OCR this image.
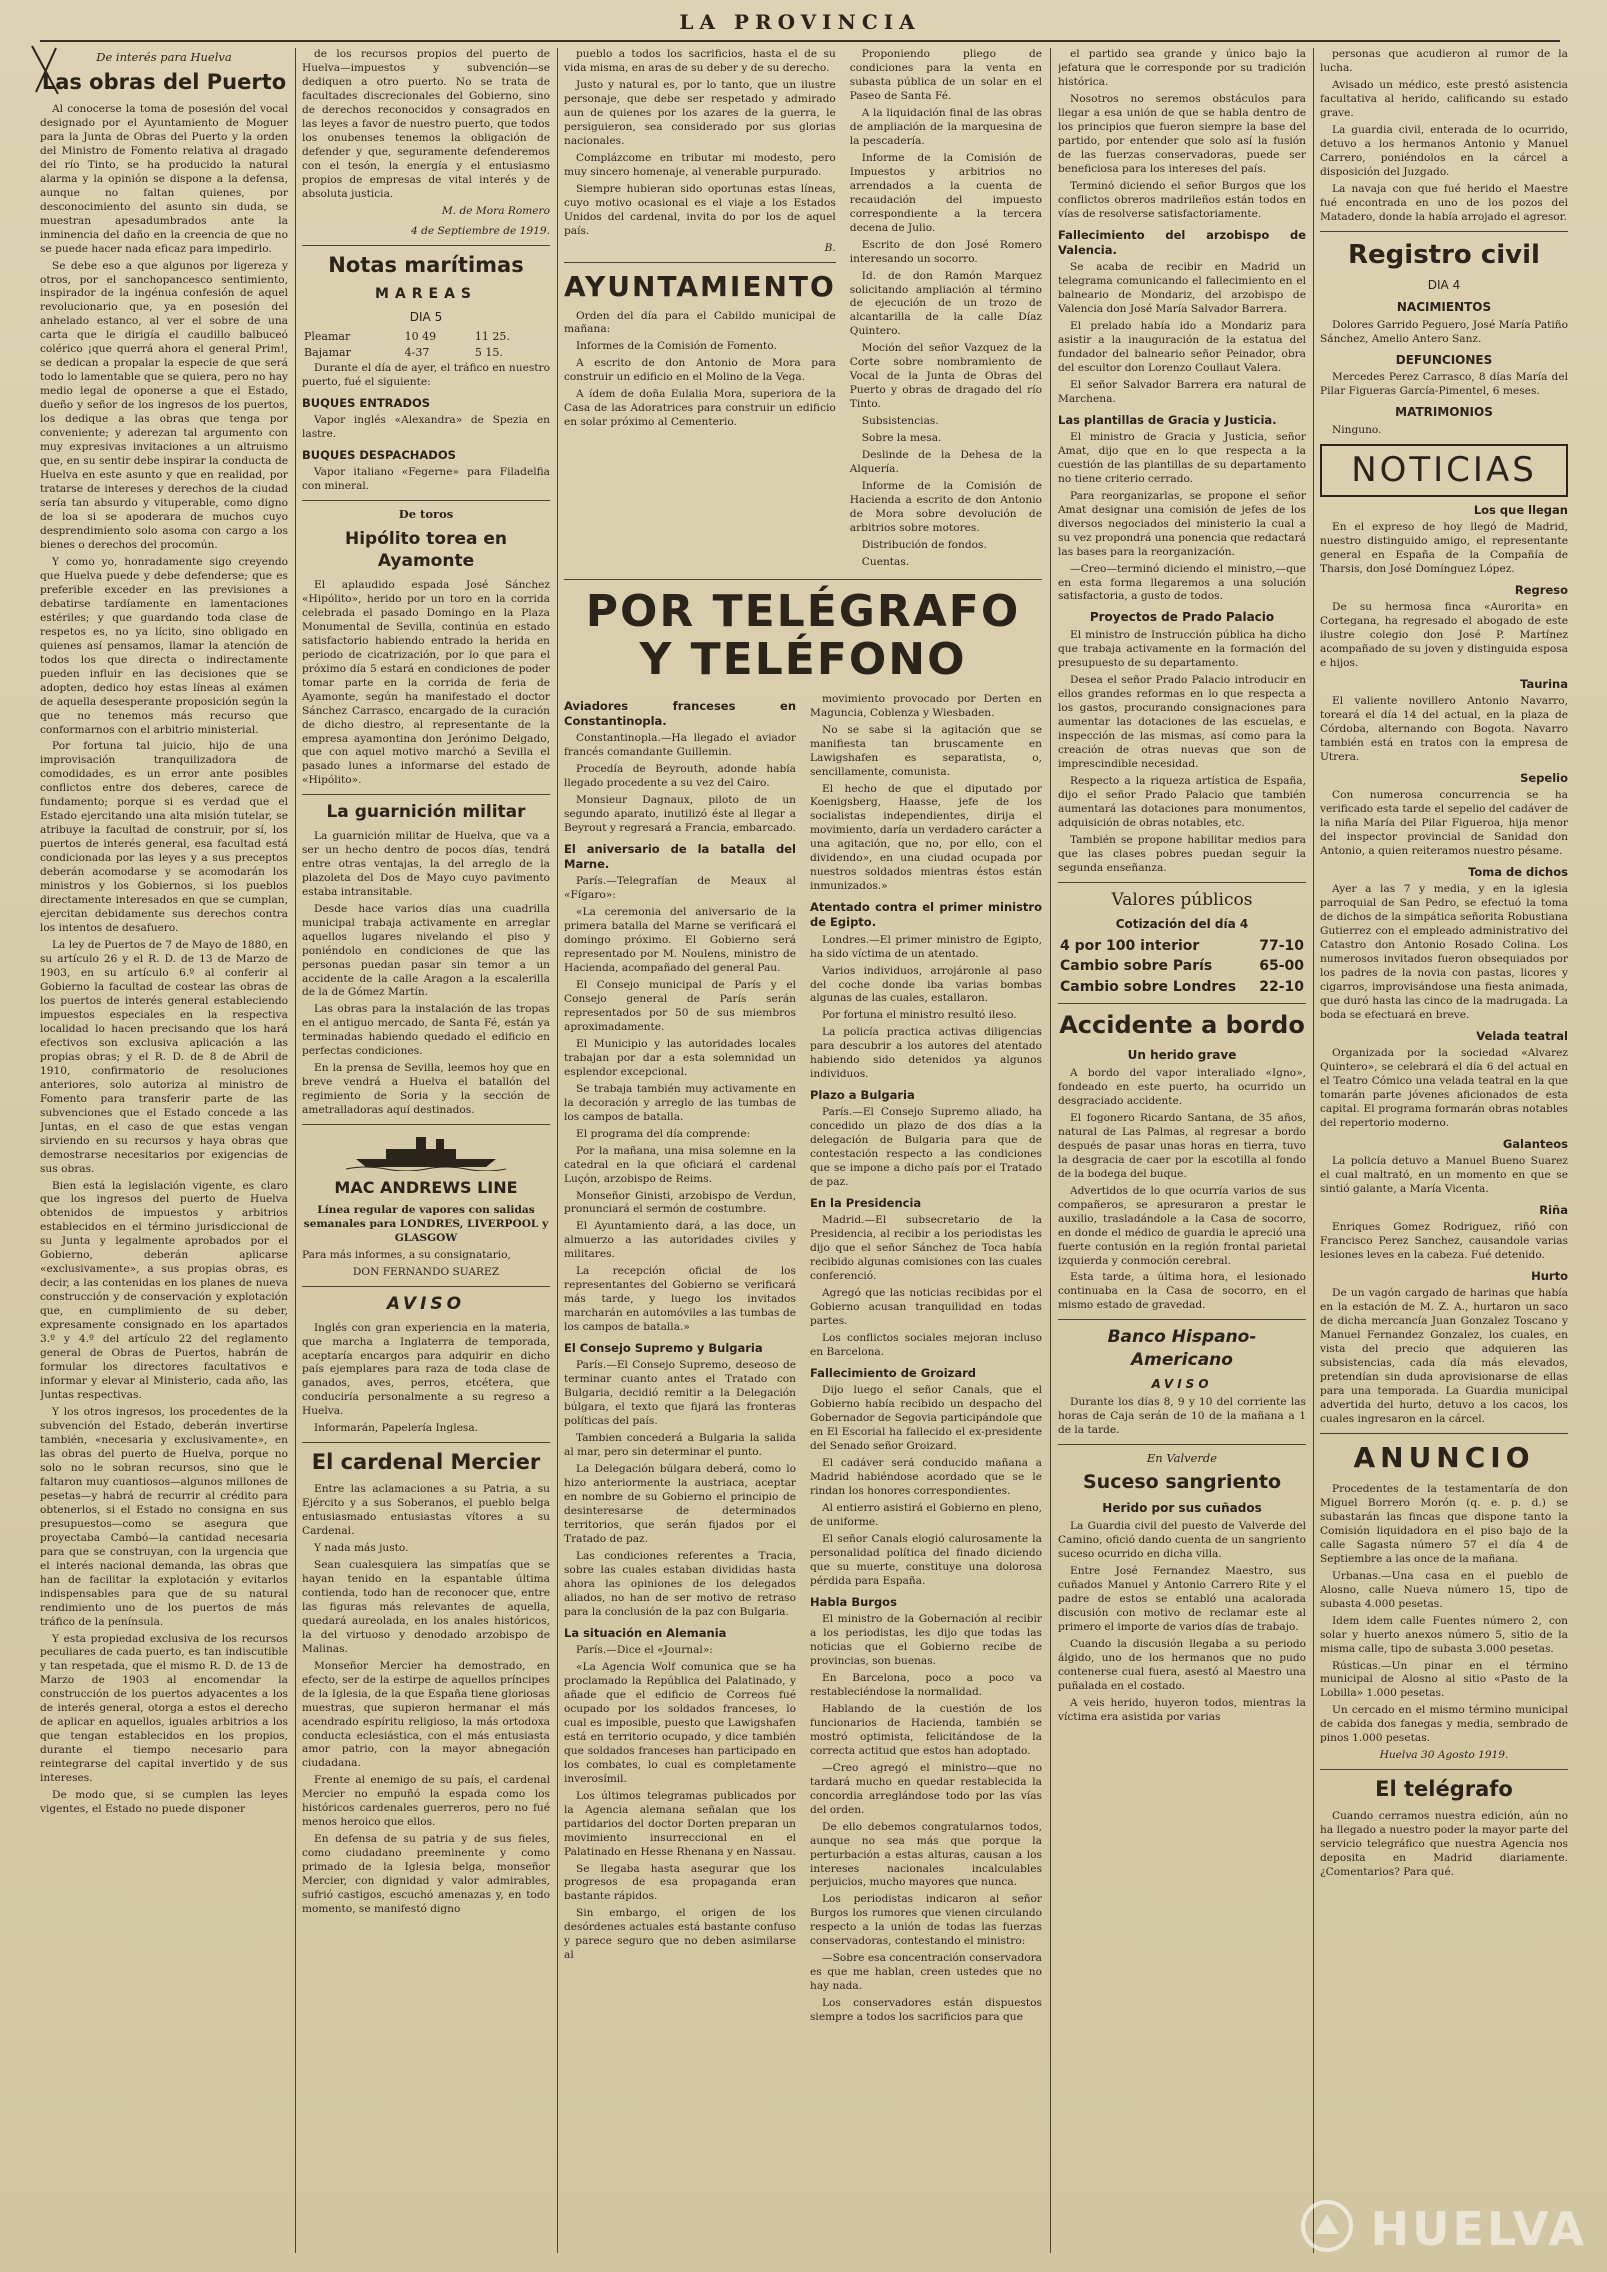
LA PROVINCIA
De interés para Huelva
Las obras del Puerto

Al conocerse la toma de posesión del vocal designado por el Ayuntamiento de Moguer para la Junta de Obras del Puerto y la orden del Ministro de Fomento relativa al dragado del río Tinto, se ha producido la natural alarma y la opinión se dispone a la defensa, aunque no faltan quienes, por desconocimiento del asunto sin duda, se muestran apesadumbrados ante la inminencia del daño en la creencia de que no se puede hacer nada eficaz para impedirlo.

Se debe eso a que algunos por ligereza y otros, por el sanchopancesco sentimiento, inspirador de la ingénua confesión de aquel revolucionario que, ya en posesión del anhelado estanco, al ver el sobre de una carta que le dirigía el caudillo balbuceó colérico ¡que querrá ahora el general Prim!, se dedican a propalar la especie de que será todo lo lamentable que se quiera, pero no hay medio legal de oponerse a que el Estado, dueño y señor de los ingresos de los puertos, los dedique a las obras que tenga por conveniente; y aderezan tal argumento con muy expresivas invitaciones a un altruismo que, en su sentir debe inspirar la conducta de Huelva en este asunto y que en realidad, por tratarse de intereses y derechos de la ciudad sería tan absurdo y vituperable, como digno de loa si se apoderara de muchos cuyo desprendimiento solo asoma con cargo a los bienes o derechos del procomún.

Y como yo, honradamente sigo creyendo que Huelva puede y debe defenderse; que es preferible exceder en las previsiones a debatirse tardíamente en lamentaciones estériles; y que guardando toda clase de respetos es, no ya lícito, sino obligado en quienes así pensamos, llamar la atención de todos los que directa o indirectamente pueden influir en las decisiones que se adopten, dedico hoy estas líneas al exámen de aquella desesperante proposición según la que no tenemos más recurso que conformarnos con el arbitrio ministerial.

Por fortuna tal juicio, hijo de una improvisación tranquilizadora de comodidades, es un error ante posibles conflictos entre dos deberes, carece de fundamento; porque si es verdad que el Estado ejercitando una alta misión tutelar, se atribuye la facultad de construir, por sí, los puertos de interés general, esa facultad está condicionada por las leyes y a sus preceptos deberán acomodarse y se acomodarán los ministros y los Gobiernos, si los pueblos directamente interesados en que se cumplan, ejercitan debidamente sus derechos contra los intentos de desafuero.

La ley de Puertos de 7 de Mayo de 1880, en su artículo 26 y el R. D. de 13 de Marzo de 1903, en su artículo 6.º al conferir al Gobierno la facultad de costear las obras de los puertos de interés general estableciendo impuestos especiales en la respectiva localidad lo hacen precisando que los hará efectivos son exclusiva aplicación a las propias obras; y el R. D. de 8 de Abril de 1910, confirmatorio de resoluciones anteriores, solo autoriza al ministro de Fomento para transferir parte de las subvenciones que el Estado concede a las Juntas, en el caso de que estas vengan sirviendo en su recursos y haya obras que demostrarse necesitarios por exigencias de sus obras.

Bien está la legislación vigente, es claro que los ingresos del puerto de Huelva obtenidos de impuestos y arbitrios establecidos en el término jurisdiccional de su Junta y legalmente aprobados por el Gobierno, deberán aplicarse «exclusivamente», a sus propias obras, es decir, a las contenidas en los planes de nueva construcción y de conservación y explotación que, en cumplimiento de su deber, expresamente consignado en los apartados 3.º y 4.º del artículo 22 del reglamento general de Obras de Puertos, habrán de formular los directores facultativos e informar y elevar al Ministerio, cada año, las Juntas respectivas.

Y los otros ingresos, los procedentes de la subvención del Estado, deberán invertirse también, «necesaria y exclusivamente», en las obras del puerto de Huelva, porque no solo no le sobran recursos, sino que le faltaron muy cuantiosos—algunos millones de pesetas—y habrá de recurrir al crédito para obtenerlos, si el Estado no consigna en sus presupuestos—como se asegura que proyectaba Cambó—la cantidad necesaria para que se construyan, con la urgencia que el interés nacional demanda, las obras que han de facilitar la explotación y evitarlos indispensables para que de su natural rendimiento uno de los puertos de más tráfico de la península.

Y esta propiedad exclusiva de los recursos peculiares de cada puerto, es tan indiscutible y tan respetada, que el mismo R. D. de 13 de Marzo de 1903 al encomendar la construcción de los puertos adyacentes a los de interés general, otorga a estos el derecho de aplicar en aquellos, iguales arbitrios a los que tengan establecidos en los propios, durante el tiempo necesario para reintegrarse del capital invertido y de sus intereses.

De modo que, si se cumplen las leyes vigentes, el Estado no puede disponer

de los recursos propios del puerto de Huelva—impuestos y subvención—se dediquen a otro puerto. No se trata de facultades discrecionales del Gobierno, sino de derechos reconocidos y consagrados en las leyes a favor de nuestro puerto, que todos los onubenses tenemos la obligación de defender y que, seguramente defenderemos con el tesón, la energía y el entusiasmo propios de empresas de vital interés y de absoluta justicia.

M. de Mora Romero
4 de Septiembre de 1919.
Notas marítimas
MAREAS
DIA 5
Pleamar	10 49	11 25.
Bajamar	4-37	5 15.

Durante el día de ayer, el tráfico en nuestro puerto, fué el siguiente:

BUQUES ENTRADOS

Vapor inglés «Alexandra» de Spezia en lastre.

BUQUES DESPACHADOS

Vapor italiano «Fegerne» para Filadelfia con mineral.

De toros
Hipólito torea en Ayamonte

El aplaudido espada José Sánchez «Hipólito», herido por un toro en la corrida celebrada el pasado Domingo en la Plaza Monumental de Sevilla, continúa en estado satisfactorio habiendo entrado la herida en periodo de cicatrización, por lo que para el próximo día 5 estará en condiciones de poder tomar parte en la corrida de feria de Ayamonte, según ha manifestado el doctor Sánchez Carrasco, encargado de la curación de dicho diestro, al representante de la empresa ayamontina don Jerónimo Delgado, que con aquel motivo marchó a Sevilla el pasado lunes a informarse del estado de «Hipólito».

La guarnición militar

La guarnición militar de Huelva, que va a ser un hecho dentro de pocos días, tendrá entre otras ventajas, la del arreglo de la plazoleta del Dos de Mayo cuyo pavimento estaba intransitable.

Desde hace varios días una cuadrilla municipal trabaja activamente en arreglar aquellos lugares nivelando el piso y poniéndolo en condiciones de que las personas puedan pasar sin temor a un accidente de la calle Aragon a la escalerilla de la de Gómez Martín.

Las obras para la instalación de las tropas en el antiguo mercado, de Santa Fé, están ya terminadas habiendo quedado el edificio en perfectas condiciones.

En la prensa de Sevilla, leemos hoy que en breve vendrá a Huelva el batallón del regimiento de Soria y la sección de ametralladoras aquí destinados.

MAC ANDREWS LINE

Línea regular de vapores con salidas semanales para LONDRES, LIVERPOOL y GLASGOW

Para más informes, a su consignatario,

DON FERNANDO SUAREZ

AVISO

Inglés con gran experiencia en la materia, que marcha a Inglaterra de temporada, aceptaría encargos para adquirir en dicho país ejemplares para raza de toda clase de ganados, aves, perros, etcétera, que conduciría personalmente a su regreso a Huelva.

Informarán, Papelería Inglesa.

El cardenal Mercier

Entre las aclamaciones a su Patria, a su Ejército y a sus Soberanos, el pueblo belga entusiasmado entusiastas vítores a su Cardenal.

Y nada más justo.

Sean cualesquiera las simpatías que se hayan tenido en la espantable última contienda, todo han de reconocer que, entre las figuras más relevantes de aquella, quedará aureolada, en los anales históricos, la del virtuoso y denodado arzobispo de Malinas.

Monseñor Mercier ha demostrado, en efecto, ser de la estirpe de aquellos príncipes de la Iglesia, de la que España tiene gloriosas muestras, que supieron hermanar el más acendrado espíritu religioso, la más ortodoxa conducta eclesiástica, con el más entusiasta amor patrio, con la mayor abnegación ciudadana.

Frente al enemigo de su país, el cardenal Mercier no empuñó la espada como los históricos cardenales guerreros, pero no fué menos heroico que ellos.

En defensa de su patria y de sus fieles, como ciudadano preeminente y como primado de la Iglesia belga, monseñor Mercier, con dignidad y valor admirables, sufrió castigos, escuchó amenazas y, en todo momento, se manifestó digno

pueblo a todos los sacrificios, hasta el de su vida misma, en aras de su deber y de su derecho.

Justo y natural es, por lo tanto, que un ilustre personaje, que debe ser respetado y admirado aun de quienes por los azares de la guerra, le persiguieron, sea considerado por sus glorias nacionales.

Complázcome en tributar mi modesto, pero muy sincero homenaje, al venerable purpurado.

Siempre hubieran sido oportunas estas líneas, cuyo motivo ocasional es el viaje a los Estados Unidos del cardenal, invita do por los de aquel país.

B.
AYUNTAMIENTO

Orden del día para el Cabildo municipal de mañana:

Informes de la Comisión de Fomento.

A escrito de don Antonio de Mora para construir un edificio en el Molino de la Vega.

A ídem de doña Eulalia Mora, superiora de la Casa de las Adoratrices para construir un edificio en solar próximo al Cementerio.

Proponiendo pliego de condiciones para la venta en subasta pública de un solar en el Paseo de Santa Fé.

A la liquidación final de las obras de ampliación de la marquesina de la pescadería.

Informe de la Comisión de Impuestos y arbitrios no arrendados a la cuenta de recaudación del impuesto correspondiente a la tercera decena de Julio.

Escrito de don José Romero interesando un socorro.

Id. de don Ramón Marquez solicitando ampliación al término de ejecución de un trozo de alcantarilla de la calle Díaz Quintero.

Moción del señor Vazquez de la Corte sobre nombramiento de Vocal de la Junta de Obras del Puerto y obras de dragado del río Tinto.

Subsistencias.

Sobre la mesa.

Deslinde de la Dehesa de la Alquería.

Informe de la Comisión de Hacienda a escrito de don Antonio de Mora sobre devolución de arbitrios sobre motores.

Distribución de fondos.

Cuentas.

POR TELÉGRAFO
Y TELÉFONO
Aviadores franceses en Constantinopla.

Constantinopla.—Ha llegado el aviador francés comandante Guillemin.

Procedía de Beyrouth, adonde había llegado procedente a su vez del Cairo.

Monsieur Dagnaux, piloto de un segundo aparato, inutilizó éste al llegar a Beyrout y regresará a Francia, embarcado.

El aniversario de la batalla del Marne.

París.—Telegrafían de Meaux al «Fígaro»:

«La ceremonia del aniversario de la primera batalla del Marne se verificará el domingo próximo. El Gobierno será representado por M. Noulens, ministro de Hacienda, acompañado del general Pau.

El Consejo municipal de París y el Consejo general de París serán representados por 50 de sus miembros aproximadamente.

El Municipio y las autoridades locales trabajan por dar a esta solemnidad un esplendor excepcional.

Se trabaja también muy activamente en la decoración y arreglo de las tumbas de los campos de batalla.

El programa del día comprende:

Por la mañana, una misa solemne en la catedral en la que oficiará el cardenal Luçón, arzobispo de Reims.

Monseñor Ginisti, arzobispo de Verdun, pronunciará el sermón de costumbre.

El Ayuntamiento dará, a las doce, un almuerzo a las autoridades civiles y militares.

La recepción oficial de los representantes del Gobierno se verificará más tarde, y luego los invitados marcharán en automóviles a las tumbas de los campos de batalla.»

El Consejo Supremo y Bulgaria

París.—El Consejo Supremo, deseoso de terminar cuanto antes el Tratado con Bulgaria, decidió remitir a la Delegación búlgara, el texto que fijará las fronteras políticas del país.

Tambien concederá a Bulgaria la salida al mar, pero sin determinar el punto.

La Delegación búlgara deberá, como lo hizo anteriormente la austriaca, aceptar en nombre de su Gobierno el principio de desinteresarse de determinados territorios, que serán fijados por el Tratado de paz.

Las condiciones referentes a Tracia, sobre las cuales estaban divididas hasta ahora las opiniones de los delegados aliados, no han de ser motivo de retraso para la conclusión de la paz con Bulgaria.

La situación en Alemania

París.—Dice el «Journal»:

«La Agencia Wolf comunica que se ha proclamado la República del Palatinado, y añade que el edificio de Correos fué ocupado por los soldados franceses, lo cual es imposible, puesto que Lawigshafen está en territorio ocupado, y dice también que soldados franceses han participado en los combates, lo cual es completamente inverosímil.

Los últimos telegramas publicados por la Agencia alemana señalan que los partidarios del doctor Dorten preparan un movimiento insurreccional en el Palatinado en Hesse Rhenana y en Nassau.

Se llegaba hasta asegurar que los progresos de esa propaganda eran bastante rápidos.

Sin embargo, el origen de los desórdenes actuales está bastante confuso y parece seguro que no deben asimilarse al

movimiento provocado por Derten en Maguncia, Coblenza y Wiesbaden.

No se sabe si la agitación que se manifiesta tan bruscamente en Lawigshafen es separatista, o, sencillamente, comunista.

El hecho de que el diputado por Koenigsberg, Haasse, jefe de los socialistas independientes, dirija el movimiento, daría un verdadero carácter a una agitación, que no, por ello, con el dividendo», en una ciudad ocupada por nuestros soldados mientras éstos están inmunizados.»

Atentado contra el primer ministro de Egipto.

Londres.—El primer ministro de Egipto, ha sido víctima de un atentado.

Varios individuos, arrojáronle al paso del coche donde iba varias bombas algunas de las cuales, estallaron.

Por fortuna el ministro resultó ileso.

La policía practica activas diligencias para descubrir a los autores del atentado habiendo sido detenidos ya algunos individuos.

Plazo a Bulgaria

París.—El Consejo Supremo aliado, ha concedido un plazo de dos días a la delegación de Bulgaria para que de contestación respecto a las condiciones que se impone a dicho país por el Tratado de paz.

En la Presidencia

Madrid.—El subsecretario de la Presidencia, al recibir a los periodistas les dijo que el señor Sánchez de Toca había recibido algunas comisiones con las cuales conferenció.

Agregó que las noticias recibidas por el Gobierno acusan tranquilidad en todas partes.

Los conflictos sociales mejoran incluso en Barcelona.

Fallecimiento de Groizard

Dijo luego el señor Canals, que el Gobierno había recibido un despacho del Gobernador de Segovia participándole que en El Escorial ha fallecido el ex-presidente del Senado señor Groizard.

El cadáver será conducido mañana a Madrid habiéndose acordado que se le rindan los honores correspondientes.

Al entierro asistirá el Gobierno en pleno, de uniforme.

El señor Canals elogió calurosamente la personalidad política del finado diciendo que su muerte, constituye una dolorosa pérdida para España.

Habla Burgos

El ministro de la Gobernación al recibir a los periodistas, les dijo que todas las noticias que el Gobierno recibe de provincias, son buenas.

En Barcelona, poco a poco va restableciéndose la normalidad.

Hablando de la cuestión de los funcionarios de Hacienda, también se mostró optimista, felicitándose de la correcta actitud que estos han adoptado.

—Creo agregó el ministro—que no tardará mucho en quedar restablecida la concordia arreglándose todo por las vías del orden.

De ello debemos congratularnos todos, aunque no sea más que porque la perturbación a estas alturas, causan a los intereses nacionales incalculables perjuicios, mucho mayores que nunca.

Los periodistas indicaron al señor Burgos los rumores que vienen circulando respecto a la unión de todas las fuerzas conservadoras, contestando el ministro:

—Sobre esa concentración conservadora es que me hablan, creen ustedes que no hay nada.

Los conservadores están dispuestos siempre a todos los sacrificios para que

el partido sea grande y único bajo la jefatura que le corresponde por su tradición histórica.

Nosotros no seremos obstáculos para llegar a esa unión de que se habla dentro de los principios que fueron siempre la base del partido, por entender que solo así la fusión de las fuerzas conservadoras, puede ser beneficiosa para los intereses del país.

Terminó diciendo el señor Burgos que los conflictos obreros madrileños están todos en vías de resolverse satisfactoriamente.

Fallecimiento del arzobispo de Valencia.

Se acaba de recibir en Madrid un telegrama comunicando el fallecimiento en el balneario de Mondariz, del arzobispo de Valencia don José María Salvador Barrera.

El prelado había ido a Mondariz para asistir a la inauguración de la estatua del fundador del balneario señor Peinador, obra del escultor don Lorenzo Coullaut Valera.

El señor Salvador Barrera era natural de Marchena.

Las plantillas de Gracia y Justicia.

El ministro de Gracia y Justicia, señor Amat, dijo que en lo que respecta a la cuestión de las plantillas de su departamento no tiene criterio cerrado.

Para reorganizarlas, se propone el señor Amat designar una comisión de jefes de los diversos negociados del ministerio la cual a su vez propondrá una ponencia que redactará las bases para la reorganización.

—Creo—terminó diciendo el ministro,—que en esta forma llegaremos a una solución satisfactoria, a gusto de todos.

Proyectos de Prado Palacio

El ministro de Instrucción pública ha dicho que trabaja activamente en la formación del presupuesto de su departamento.

Desea el señor Prado Palacio introducir en ellos grandes reformas en lo que respecta a los gastos, procurando consignaciones para aumentar las dotaciones de las escuelas, e inspección de las mismas, así como para la creación de otras nuevas que son de imprescindible necesidad.

Respecto a la riqueza artística de España, dijo el señor Prado Palacio que también aumentará las dotaciones para monumentos, adquisición de obras notables, etc.

También se propone habilitar medios para que las clases pobres puedan seguir la segunda enseñanza.

Valores públicos
Cotización del día 4
4 por 100 interior	77-10
Cambio sobre París	65-00
Cambio sobre Londres	22-10
Accidente a bordo
Un herido grave

A bordo del vapor interaliado «Igno», fondeado en este puerto, ha ocurrido un desgraciado accidente.

El fogonero Ricardo Santana, de 35 años, natural de Las Palmas, al regresar a bordo después de pasar unas horas en tierra, tuvo la desgracia de caer por la escotilla al fondo de la bodega del buque.

Advertidos de lo que ocurría varios de sus compañeros, se apresuraron a prestar le auxilio, trasladándole a la Casa de socorro, en donde el médico de guardia le apreció una fuerte contusión en la región frontal parietal izquierda y conmoción cerebral.

Esta tarde, a última hora, el lesionado continuaba en la Casa de socorro, en el mismo estado de gravedad.

Banco Hispano-Americano
AVISO

Durante los días 8, 9 y 10 del corriente las horas de Caja serán de 10 de la mañana a 1 de la tarde.

En Valverde
Suceso sangriento
Herido por sus cuñados

La Guardia civil del puesto de Valverde del Camino, ofició dando cuenta de un sangriento suceso ocurrido en dicha villa.

Entre José Fernandez Maestro, sus cuñados Manuel y Antonio Carrero Rite y el padre de estos se entabló una acalorada discusión con motivo de reclamar este al primero el importe de varios días de trabajo.

Cuando la discusión llegaba a su periodo álgido, uno de los hermanos que no pudo contenerse cual fuera, asestó al Maestro una puñalada en el costado.

A veis herido, huyeron todos, mientras la víctima era asistida por varias

personas que acudieron al rumor de la lucha.

Avisado un médico, este prestó asistencia facultativa al herido, calificando su estado grave.

La guardia civil, enterada de lo ocurrido, detuvo a los hermanos Antonio y Manuel Carrero, poniéndolos en la cárcel a disposición del Juzgado.

La navaja con que fué herido el Maestre fué encontrada en uno de los pozos del Matadero, donde la había arrojado el agresor.

Registro civil
DIA 4
NACIMIENTOS

Dolores Garrido Peguero, José María Patiño Sánchez, Amelio Antero Sanz.

DEFUNCIONES

Mercedes Perez Carrasco, 8 días María del Pilar Figueras García-Pimentel, 6 meses.

MATRIMONIOS

Ninguno.

NOTICIAS
Los que llegan

En el expreso de hoy llegó de Madrid, nuestro distinguido amigo, el representante general en España de la Compañía de Tharsis, don José Domínguez López.

Regreso

De su hermosa finca «Aurorita» en Cortegana, ha regresado el abogado de este ilustre colegio don José P. Martínez acompañado de su joven y distinguida esposa e hijos.

Taurina

El valiente novillero Antonio Navarro, toreará el día 14 del actual, en la plaza de Córdoba, alternando con Bogota. Navarro también está en tratos con la empresa de Utrera.

Sepelio

Con numerosa concurrencia se ha verificado esta tarde el sepelio del cadáver de la niña María del Pilar Figueroa, hija menor del inspector provincial de Sanidad don Antonio, a quien reiteramos nuestro pésame.

Toma de dichos

Ayer a las 7 y media, y en la iglesia parroquial de San Pedro, se efectuó la toma de dichos de la simpática señorita Robustiana Gutierrez con el empleado administrativo del Catastro don Antonio Rosado Colina. Los numerosos invitados fueron obsequiados por los padres de la novia con pastas, licores y cigarros, improvisándose una fiesta animada, que duró hasta las cinco de la madrugada. La boda se efectuará en breve.

Velada teatral

Organizada por la sociedad «Alvarez Quintero», se celebrará el día 6 del actual en el Teatro Cómico una velada teatral en la que tomarán parte jóvenes aficionados de esta capital. El programa formarán obras notables del repertorio moderno.

Galanteos

La policía detuvo a Manuel Bueno Suarez el cual maltrató, en un momento en que se sintió galante, a María Vicenta.

Riña

Enriques Gomez Rodriguez, riñó con Francisco Perez Sanchez, causandole varias lesiones leves en la cabeza. Fué detenido.

Hurto

De un vagón cargado de harinas que había en la estación de M. Z. A., hurtaron un saco de dicha mercancía Juan Gonzalez Toscano y Manuel Fernandez Gonzalez, los cuales, en vista del precio que adquieren las subsistencias, cada día más elevados, pretendían sin duda aprovisionarse de ellas para una temporada. La Guardia municipal advertida del hurto, detuvo a los cacos, los cuales ingresaron en la cárcel.

ANUNCIO

Procedentes de la testamentaría de don Miguel Borrero Morón (q. e. p. d.) se subastarán las fincas que dispone tanto la Comisión liquidadora en el piso bajo de la calle Sagasta número 57 el día 4 de Septiembre a las once de la mañana.

Urbanas.—Una casa en el pueblo de Alosno, calle Nueva número 15, tipo de subasta 4.000 pesetas.

Idem idem calle Fuentes número 2, con solar y huerto anexos número 5, sitio de la misma calle, tipo de subasta 3.000 pesetas.

Rústicas.—Un pinar en el término municipal de Alosno al sitio «Pasto de la Lobilla» 1.000 pesetas.

Un cercado en el mismo término municipal de cabida dos fanegas y media, sembrado de pinos 1.000 pesetas.

Huelva 30 Agosto 1919.
El telégrafo

Cuando cerramos nuestra edición, aún no ha llegado a nuestro poder la mayor parte del servicio telegráfico que nuestra Agencia nos deposita en Madrid diariamente. ¿Comentarios? Para qué.

HUELVA
